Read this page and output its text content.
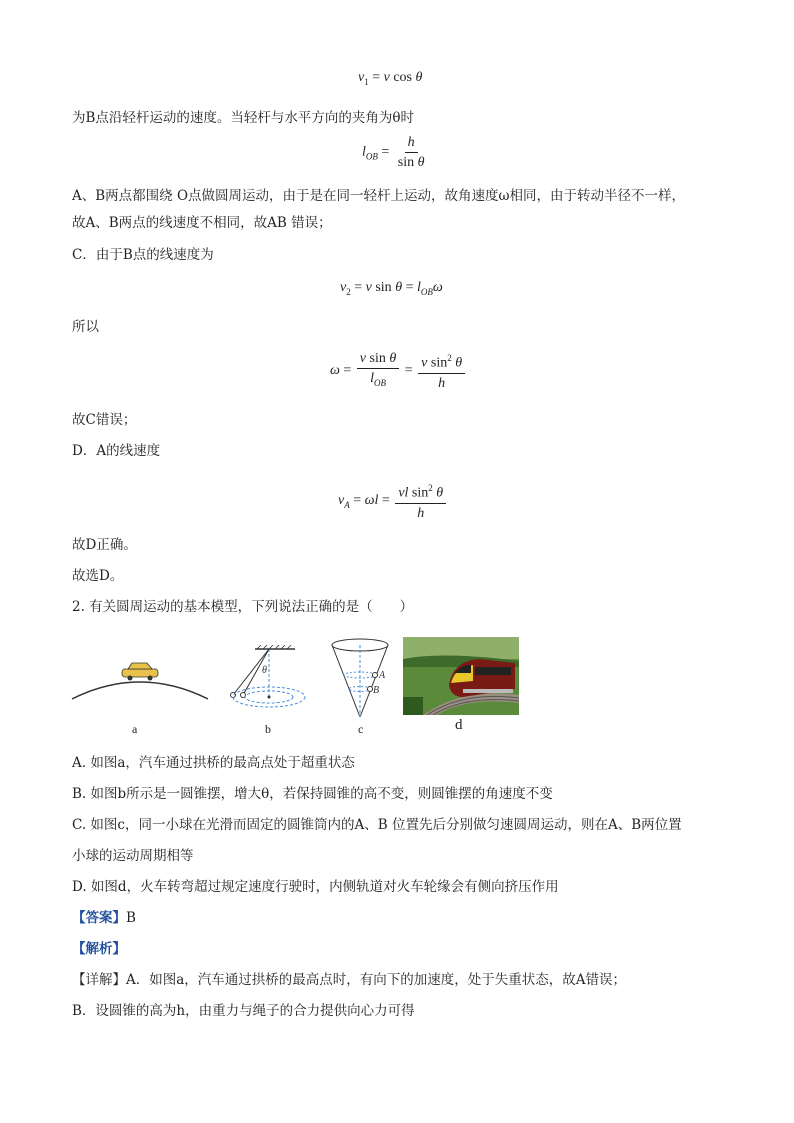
$v_1 = v$ cos θ
为B点沿轻杆运动的速度。当轻杆与水平方向的夹角为θ时
$l_{OB} = \frac{h}{\text{sin θ}}$
A、B两点都围绕 O点做圆周运动，由于是在同一轻杆上运动，故角速度ω相同，由于转动半径不一样，
故A、B两点的线速度不相同，故AB 错误；
C．由于B点的线速度为
$v_2 = v$ $\sin \theta = l_{OB}\omega$
所以
$\omega = \frac{\text{v sin θ}}{l_{OB}} = \frac{v \sin^2 \theta}{h}$
故C错误；
D．A的线速度
$v_A = \omega l = \frac{vl \sin^2 \theta}{h}$
故D正确。
故选D。
2. 有关圆周运动的基本模型，下列说法正确的是（　　）
a
θ
b
A
B
c	d
A. 如图a，汽车通过拱桥的最高点处于超重状态
B. 如图b所示是一圆锥摆，增大θ，若保持圆锥的高不变，则圆锥摆的角速度不变
C. 如图c，同一小球在光滑而固定的圆锥筒内的A、B 位置先后分别做匀速圆周运动，则在A、B两位置
小球的运动周期相等
D. 如图d，火车转弯超过规定速度行驶时，内侧轨道对火车轮缘会有侧向挤压作用
【答案】B
【解析】
【详解】A．如图a，汽车通过拱桥的最高点时，有向下的加速度，处于失重状态，故A错误；
B．设圆锥的高为h，由重力与绳子的合力提供向心力可得
